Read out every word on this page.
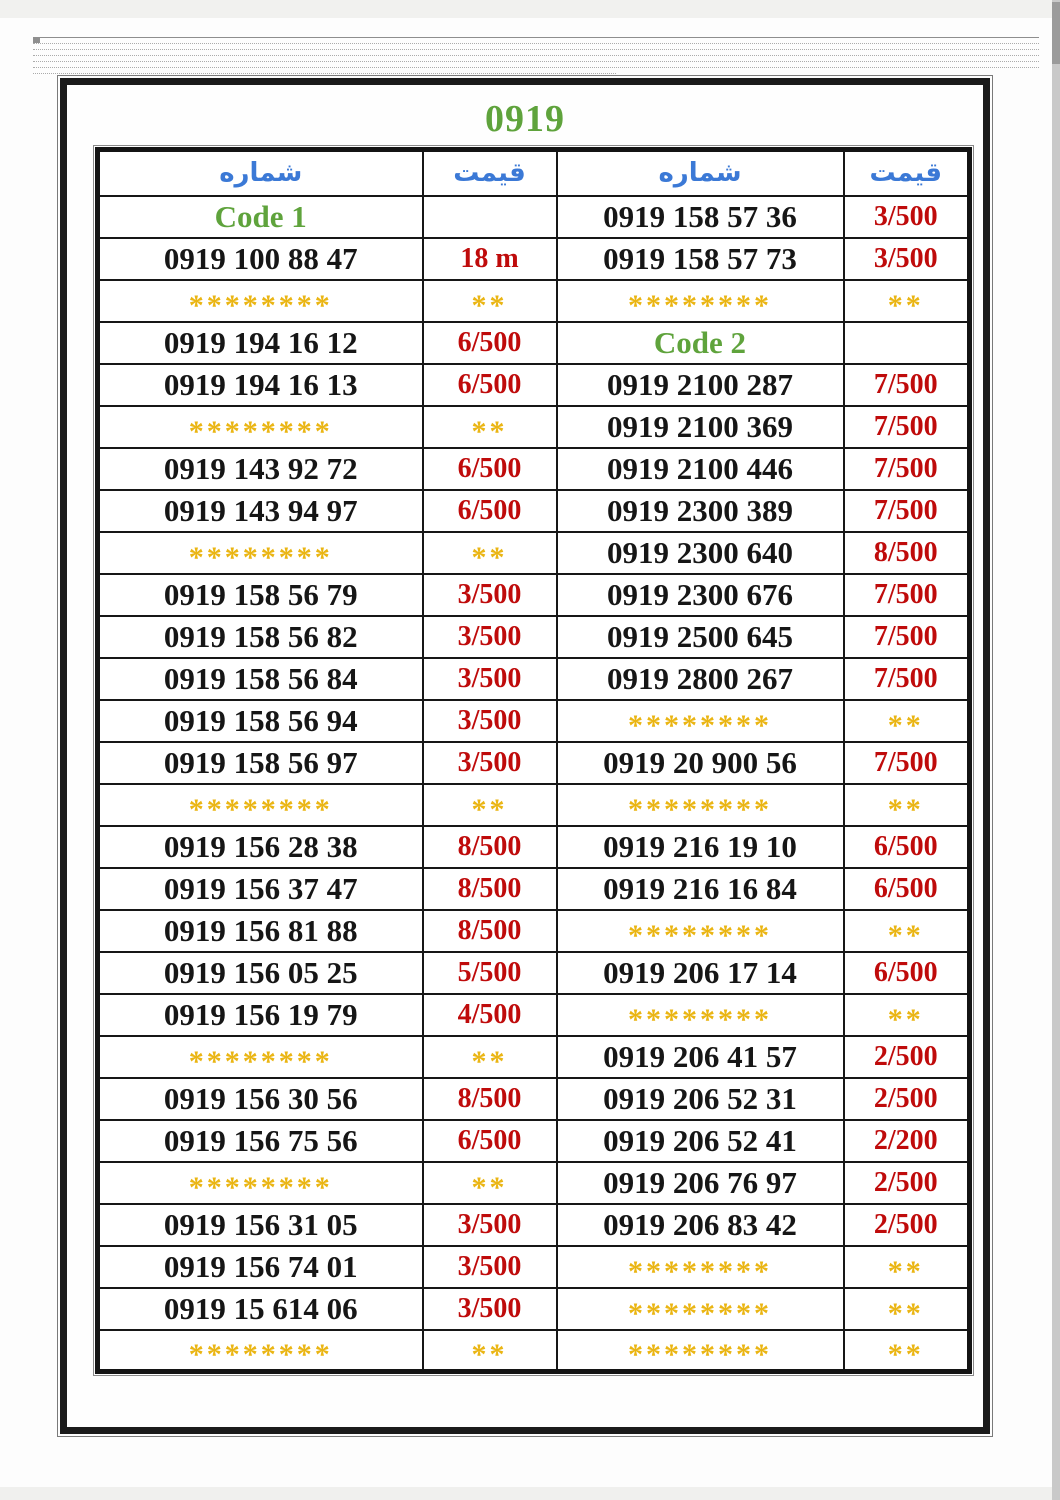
0919
شماره	قیمت	شماره	قیمت
Code 1		0919 158 57 36	3/500
0919 100 88 47	18 m	0919 158 57 73	3/500
********	**	********	**
0919 194 16 12	6/500	Code 2	
0919 194 16 13	6/500	0919 2100 287	7/500
********	**	0919 2100 369	7/500
0919 143 92 72	6/500	0919 2100 446	7/500
0919 143 94 97	6/500	0919 2300 389	7/500
********	**	0919 2300 640	8/500
0919 158 56 79	3/500	0919 2300 676	7/500
0919 158 56 82	3/500	0919 2500 645	7/500
0919 158 56 84	3/500	0919 2800 267	7/500
0919 158 56 94	3/500	********	**
0919 158 56 97	3/500	0919 20 900 56	7/500
********	**	********	**
0919 156 28 38	8/500	0919 216 19 10	6/500
0919 156 37 47	8/500	0919 216 16 84	6/500
0919 156 81 88	8/500	********	**
0919 156 05 25	5/500	0919 206 17 14	6/500
0919 156 19 79	4/500	********	**
********	**	0919 206 41 57	2/500
0919 156 30 56	8/500	0919 206 52 31	2/500
0919 156 75 56	6/500	0919 206 52 41	2/200
********	**	0919 206 76 97	2/500
0919 156 31 05	3/500	0919 206 83 42	2/500
0919 156 74 01	3/500	********	**
0919 15 614 06	3/500	********	**
********	**	********	**
